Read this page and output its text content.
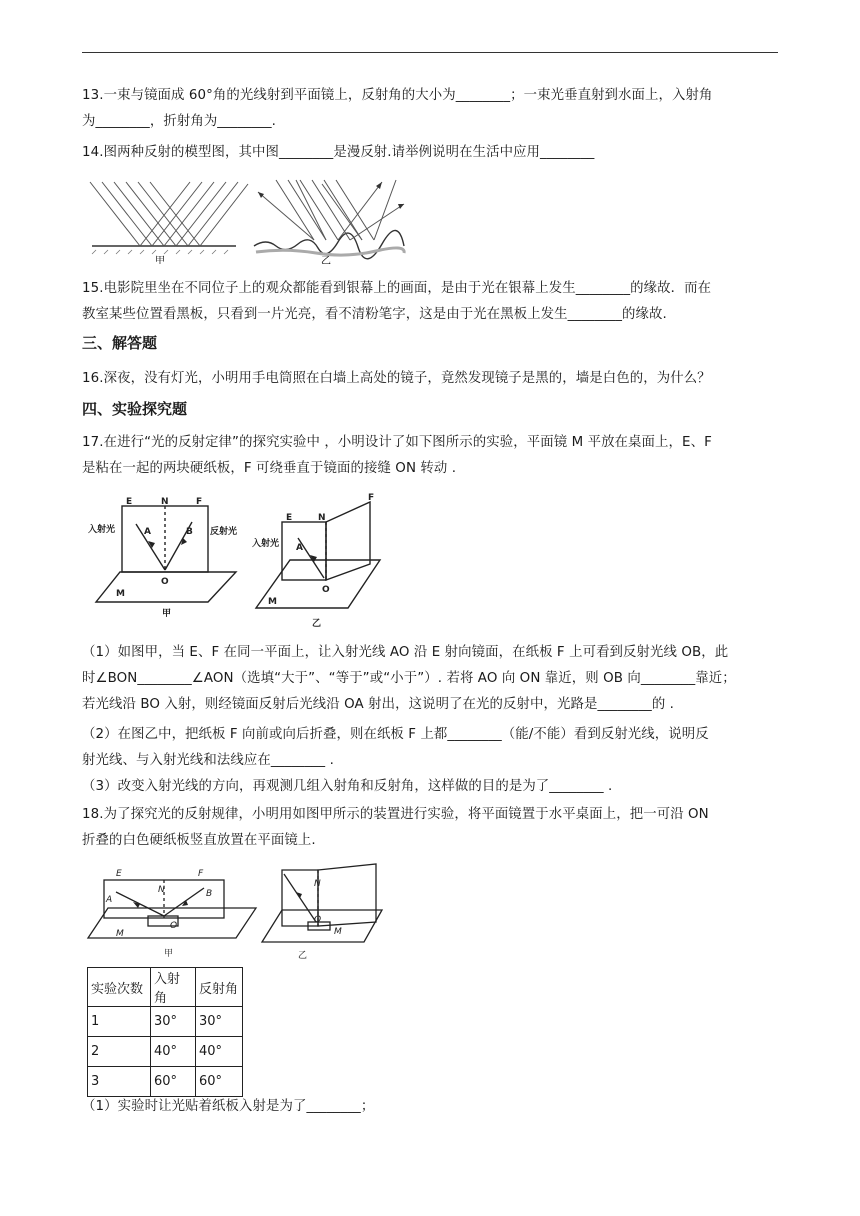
13.一束与镜面成 60°角的光线射到平面镜上，反射角的大小为________；一束光垂直射到水面上，入射角
为________，折射角为________.
14.图两种反射的模型图，其中图________是漫反射.请举例说明在生活中应用________
甲	乙
15.电影院里坐在不同位子上的观众都能看到银幕上的画面，是由于光在银幕上发生________的缘故．而在
教室某些位置看黑板，只看到一片光亮，看不清粉笔字，这是由于光在黑板上发生________的缘故.
三、解答题
16.深夜，没有灯光，小明用手电筒照在白墙上高处的镜子，竟然发现镜子是黑的，墙是白色的，为什么？
四、实验探究题
17.在进行“光的反射定律”的探究实验中 ，小明设计了如下图所示的实验，平面镜 M 平放在桌面上，E、F
是粘在一起的两块硬纸板，F 可绕垂直于镜面的接缝 ON 转动 .
入射光	反射光
E	N	F
A	B
O
M
甲
入射光
E	N
F
A
O
M
乙
（1）如图甲，当 E、F 在同一平面上，让入射光线 AO 沿 E 射向镜面，在纸板 F 上可看到反射光线 OB，此
时∠BON________∠AON（选填“大于”、“等于”或“小于”）. 若将 AO 向 ON 靠近，则 OB 向________靠近；
若光线沿 BO 入射，则经镜面反射后光线沿 OA 射出，这说明了在光的反射中，光路是________的 .
（2）在图乙中，把纸板 F 向前或向后折叠，则在纸板 F 上都________（能/不能）看到反射光线，说明反
射光线、与入射光线和法线应在________ .
（3）改变入射光线的方向，再观测几组入射角和反射角，这样做的目的是为了________ .
18.为了探究光的反射规律，小明用如图甲所示的装置进行实验，将平面镜置于水平桌面上，把一可沿 ON
折叠的白色硬纸板竖直放置在平面镜上.
E
N
F
A
B
O
M
甲
N
O
M
乙
实验次数	入射角	反射角
1	30°	30°
2	40°	40°
3	60°	60°
（1）实验时让光贴着纸板入射是为了________；
